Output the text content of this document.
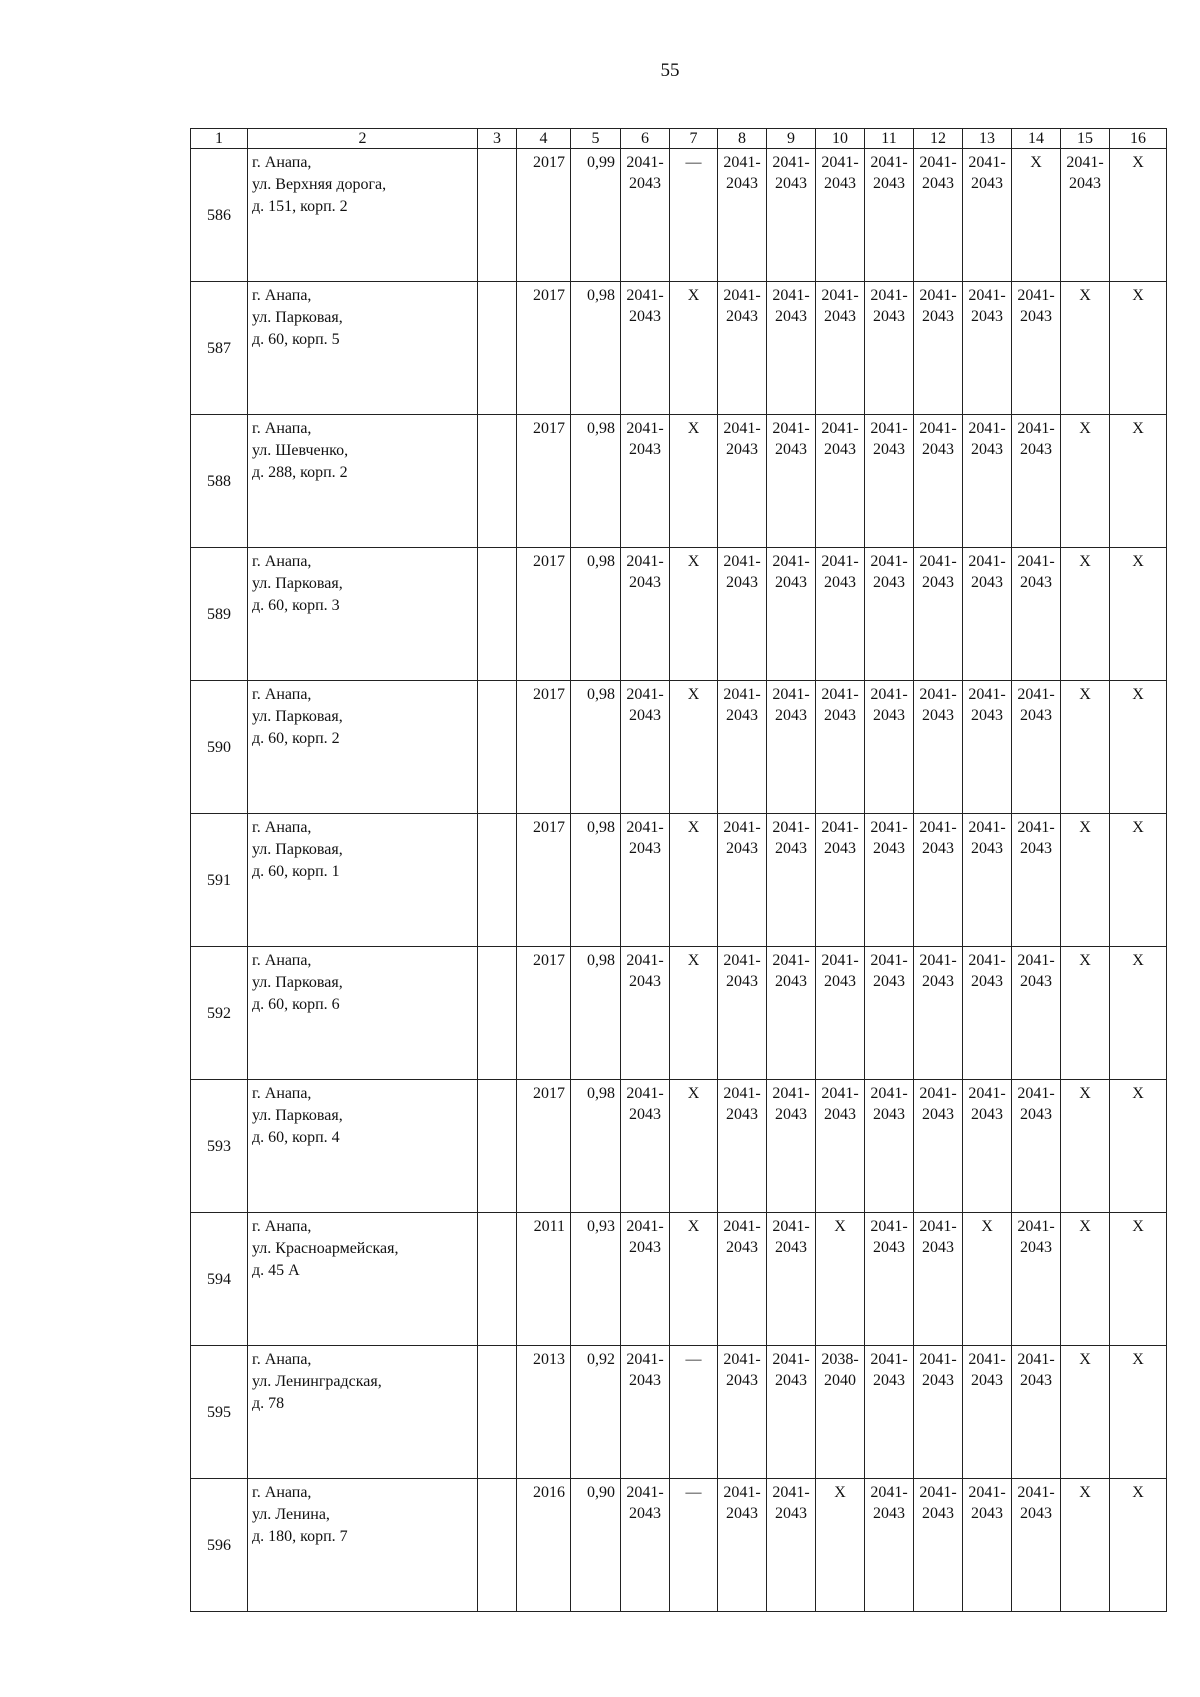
55
1	2	3	4	5	6	7	8	9	10	11	12	13	14	15	16
586	г. Анапа,
ул. Верхняя дорога,
д. 151, корп. 2		2017	0,99	2041-
2043	—	2041-
2043	2041-
2043	2041-
2043	2041-
2043	2041-
2043	2041-
2043	X	2041-
2043	X

587	г. Анапа,
ул. Парковая,
д. 60, корп. 5		2017	0,98	2041-
2043	X	2041-
2043	2041-
2043	2041-
2043	2041-
2043	2041-
2043	2041-
2043	2041-
2043	X	X

588	г. Анапа,
ул. Шевченко,
д. 288, корп. 2		2017	0,98	2041-
2043	X	2041-
2043	2041-
2043	2041-
2043	2041-
2043	2041-
2043	2041-
2043	2041-
2043	X	X

589	г. Анапа,
ул. Парковая,
д. 60, корп. 3		2017	0,98	2041-
2043	X	2041-
2043	2041-
2043	2041-
2043	2041-
2043	2041-
2043	2041-
2043	2041-
2043	X	X

590	г. Анапа,
ул. Парковая,
д. 60, корп. 2		2017	0,98	2041-
2043	X	2041-
2043	2041-
2043	2041-
2043	2041-
2043	2041-
2043	2041-
2043	2041-
2043	X	X

591	г. Анапа,
ул. Парковая,
д. 60, корп. 1		2017	0,98	2041-
2043	X	2041-
2043	2041-
2043	2041-
2043	2041-
2043	2041-
2043	2041-
2043	2041-
2043	X	X

592	г. Анапа,
ул. Парковая,
д. 60, корп. 6		2017	0,98	2041-
2043	X	2041-
2043	2041-
2043	2041-
2043	2041-
2043	2041-
2043	2041-
2043	2041-
2043	X	X

593	г. Анапа,
ул. Парковая,
д. 60, корп. 4		2017	0,98	2041-
2043	X	2041-
2043	2041-
2043	2041-
2043	2041-
2043	2041-
2043	2041-
2043	2041-
2043	X	X

594	г. Анапа,
ул. Красноармейская,
д. 45 А		2011	0,93	2041-
2043	X	2041-
2043	2041-
2043	X	2041-
2043	2041-
2043	X	2041-
2043	X	X

595	г. Анапа,
ул. Ленинградская,
д. 78		2013	0,92	2041-
2043	—	2041-
2043	2041-
2043	2038-
2040	2041-
2043	2041-
2043	2041-
2043	2041-
2043	X	X

596	г. Анапа,
ул. Ленина,
д. 180, корп. 7		2016	0,90	2041-
2043	—	2041-
2043	2041-
2043	X	2041-
2043	2041-
2043	2041-
2043	2041-
2043	X	X
